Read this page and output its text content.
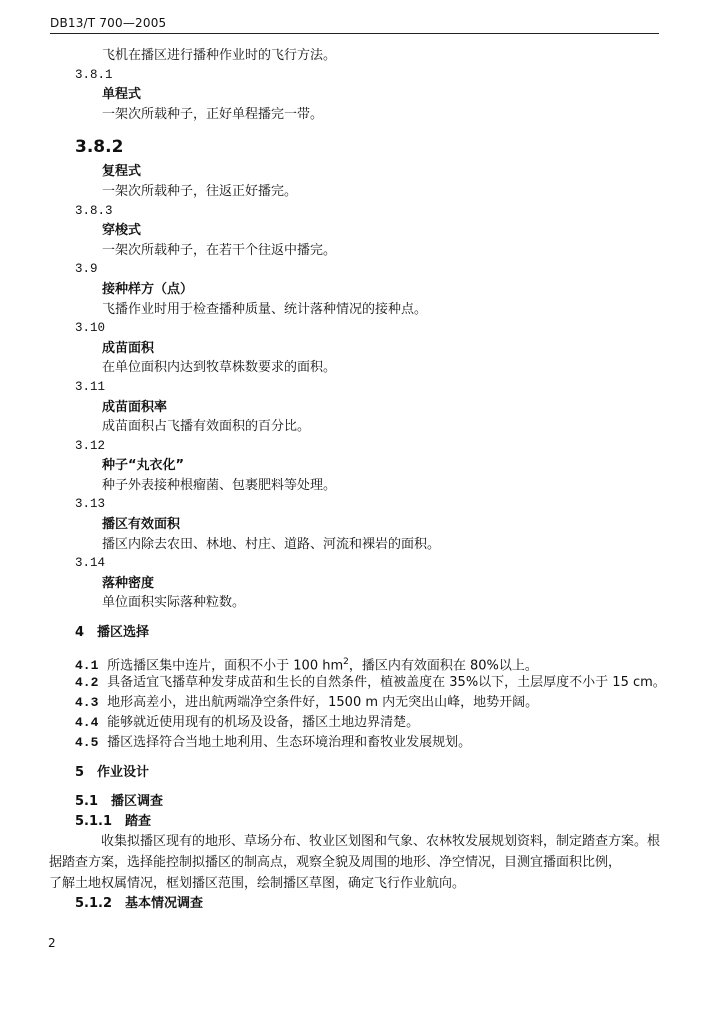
DB13/T 700—2005
飞机在播区进行播种作业时的飞行方法。
3.8.1
单程式
一架次所载种子，正好单程播完一带。
3.8.2
复程式
一架次所载种子，往返正好播完。
3.8.3
穿梭式
一架次所载种子，在若干个往返中播完。
3.9
接种样方（点）
飞播作业时用于检查播种质量、统计落种情况的接种点。
3.10
成苗面积
在单位面积内达到牧草株数要求的面积。
3.11
成苗面积率
成苗面积占飞播有效面积的百分比。
3.12
种子“丸衣化”
种子外表接种根瘤菌、包裹肥料等处理。
3.13
播区有效面积
播区内除去农田、林地、村庄、道路、河流和裸岩的面积。
3.14
落种密度
单位面积实际落种粒数。
4　播区选择
4.1 所选播区集中连片，面积不小于 100 $hm^2$，播区内有效面积在 80%以上。
4.2 具备适宜飞播草种发芽成苗和生长的自然条件，植被盖度在 35%以下，土层厚度不小于 15 cm。
4.3 地形高差小，进出航两端净空条件好，1500 m 内无突出山峰，地势开阔。
4.4 能够就近使用现有的机场及设备，播区土地边界清楚。
4.5 播区选择符合当地土地利用、生态环境治理和畜牧业发展规划。
5　作业设计
5.1　播区调查
5.1.1　踏查
收集拟播区现有的地形、草场分布、牧业区划图和气象、农林牧发展规划资料，制定踏查方案。根
据踏查方案，选择能控制拟播区的制高点，观察全貌及周围的地形、净空情况，目测宜播面积比例，
了解土地权属情况，框划播区范围，绘制播区草图，确定飞行作业航向。
5.1.2　基本情况调查
2
